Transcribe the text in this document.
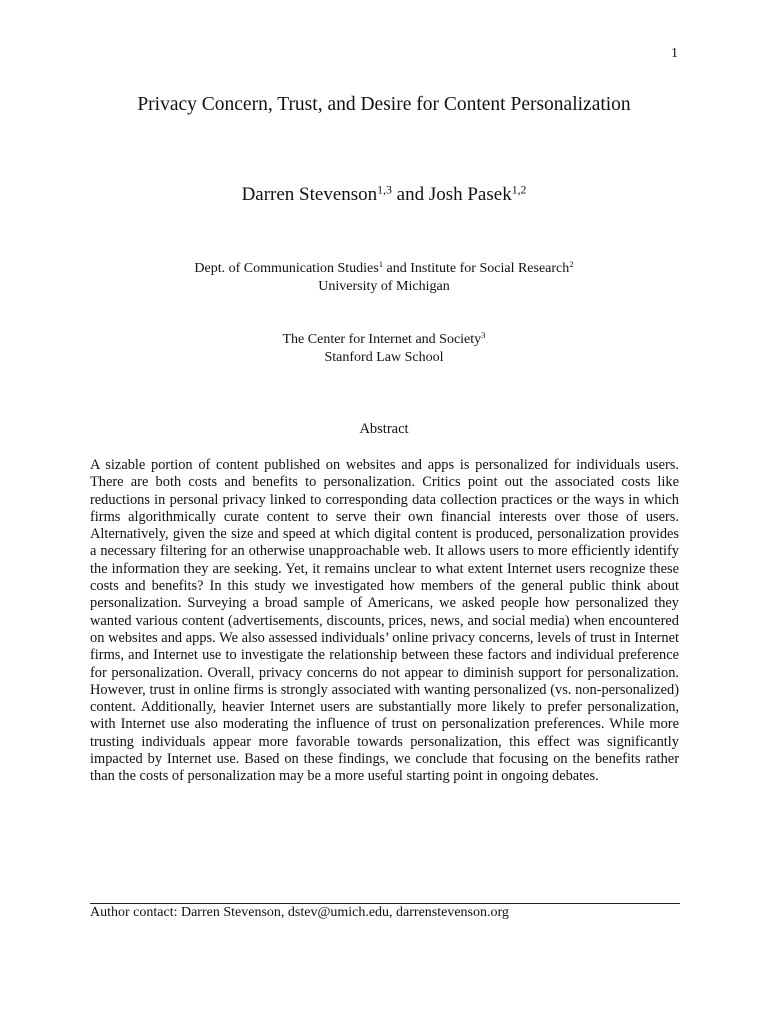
1
Privacy Concern, Trust, and Desire for Content Personalization
Darren Stevenson$^{1,3}$ and Josh Pasek$^{1,2}$
Dept. of Communication Studies$^1$ and Institute for Social Research$^2$
University of Michigan
The Center for Internet and Society$^3$
Stanford Law School
Abstract

A sizable portion of content published on websites and apps is personalized for individuals users. There are both costs and benefits to personalization. Critics point out the associated costs like reductions in personal privacy linked to corresponding data collection practices or the ways in which firms algorithmically curate content to serve their own financial interests over those of users. Alternatively, given the size and speed at which digital content is produced, personalization provides a necessary filtering for an otherwise unapproachable web. It allows users to more efficiently identify the information they are seeking. Yet, it remains unclear to what extent Internet users recognize these costs and benefits? In this study we investigated how members of the general public think about personalization. Surveying a broad sample of Americans, we asked people how personalized they wanted various content (advertisements, discounts, prices, news, and social media) when encountered on websites and apps. We also assessed individuals’ online privacy concerns, levels of trust in Internet firms, and Internet use to investigate the relationship between these factors and individual preference for personalization. Overall, privacy concerns do not appear to diminish support for personalization. However, trust in online firms is strongly associated with wanting personalized (vs. non-personalized) content. Additionally, heavier Internet users are substantially more likely to prefer personalization, with Internet use also moderating the influence of trust on personalization preferences. While more trusting individuals appear more favorable towards personalization, this effect was significantly impacted by Internet use. Based on these findings, we conclude that focusing on the benefits rather than the costs of personalization may be a more useful starting point in ongoing debates.

Author contact: Darren Stevenson, dstev@umich.edu, darrenstevenson.org
